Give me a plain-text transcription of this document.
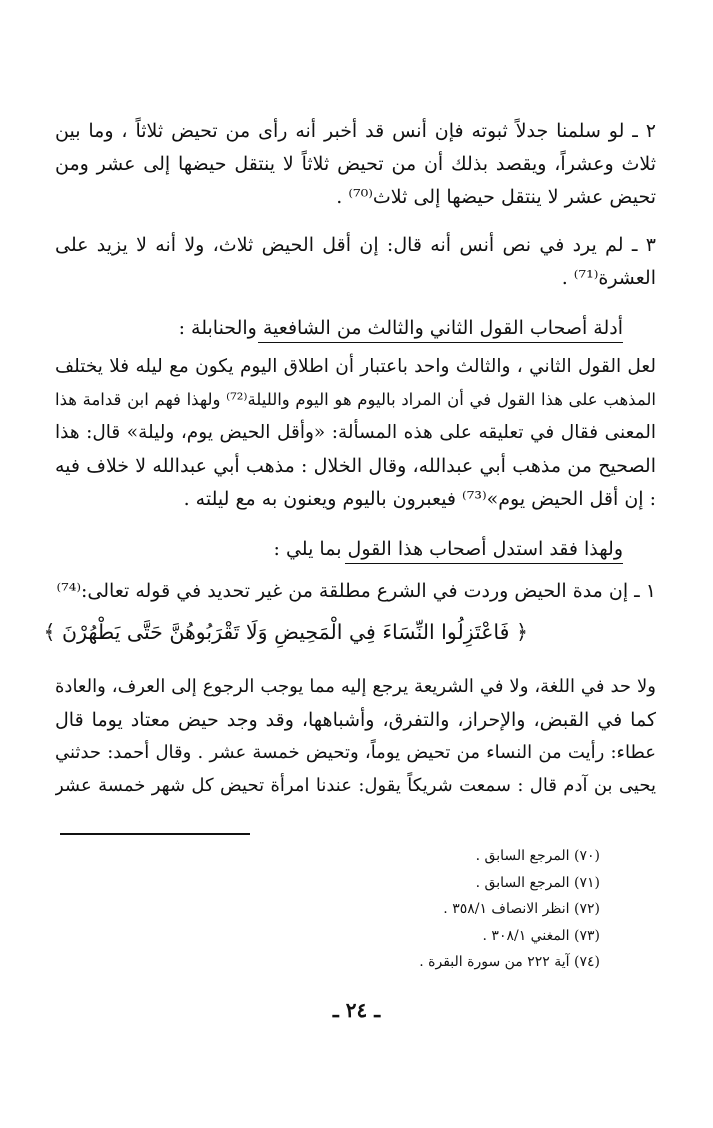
٢ ـ لو سلمنا جدلاً ثبوته فإن أنس قد أخبر أنه رأى من تحيض ثلاثاً ، وما بين
ثلاث وعشراً، ويقصد بذلك أن من تحيض ثلاثاً لا ينتقل حيضها إلى عشر ومن
تحيض عشر لا ينتقل حيضها إلى ثلاث⁽⁷⁰⁾ .
٣ ـ لم يرد في نص أنس أنه قال: إن أقل الحيض ثلاث، ولا أنه لا يزيد على
العشرة⁽⁷¹⁾ .
أدلة أصحاب القول الثاني والثالث من الشافعية والحنابلة :
لعل القول الثاني ، والثالث واحد باعتبار أن اطلاق اليوم يكون مع ليله فلا يختلف
المذهب على هذا القول في أن المراد باليوم هو اليوم والليلة⁽⁷²⁾ ولهذا فهم ابن قدامة هذا
المعنى فقال في تعليقه على هذه المسألة: «وأقل الحيض يوم، وليلة» قال: هذا
الصحيح من مذهب أبي عبدالله، وقال الخلال : مذهب أبي عبدالله لا خلاف فيه
: إن أقل الحيض يوم»⁽⁷³⁾ فيعبرون باليوم ويعنون به مع ليلته .
ولهذا فقد استدل أصحاب هذا القول بما يلي :
١ ـ إن مدة الحيض وردت في الشرع مطلقة من غير تحديد في قوله تعالى:⁽⁷⁴⁾
﴿ فَاعْتَزِلُوا النِّسَاءَ فِي الْمَحِيضِ وَلَا تَقْرَبُوهُنَّ حَتَّى يَطْهُرْنَ ﴾
ولا حد في اللغة، ولا في الشريعة يرجع إليه مما يوجب الرجوع إلى العرف، والعادة
كما في القبض، والإحراز، والتفرق، وأشباهها، وقد وجد حيض معتاد يوما قال
عطاء: رأيت من النساء من تحيض يوماً، وتحيض خمسة عشر . وقال أحمد: حدثني
يحيى بن آدم قال : سمعت شريكاً يقول: عندنا امرأة تحيض كل شهر خمسة عشر
(٧٠) المرجع السابق .
(٧١) المرجع السابق .
(٧٢) انظر الانصاف ٣٥٨/١ .
(٧٣) المغني ٣٠٨/١ .
(٧٤) آية ٢٢٢ من سورة البقرة .
ـ ٢٤ ـ
